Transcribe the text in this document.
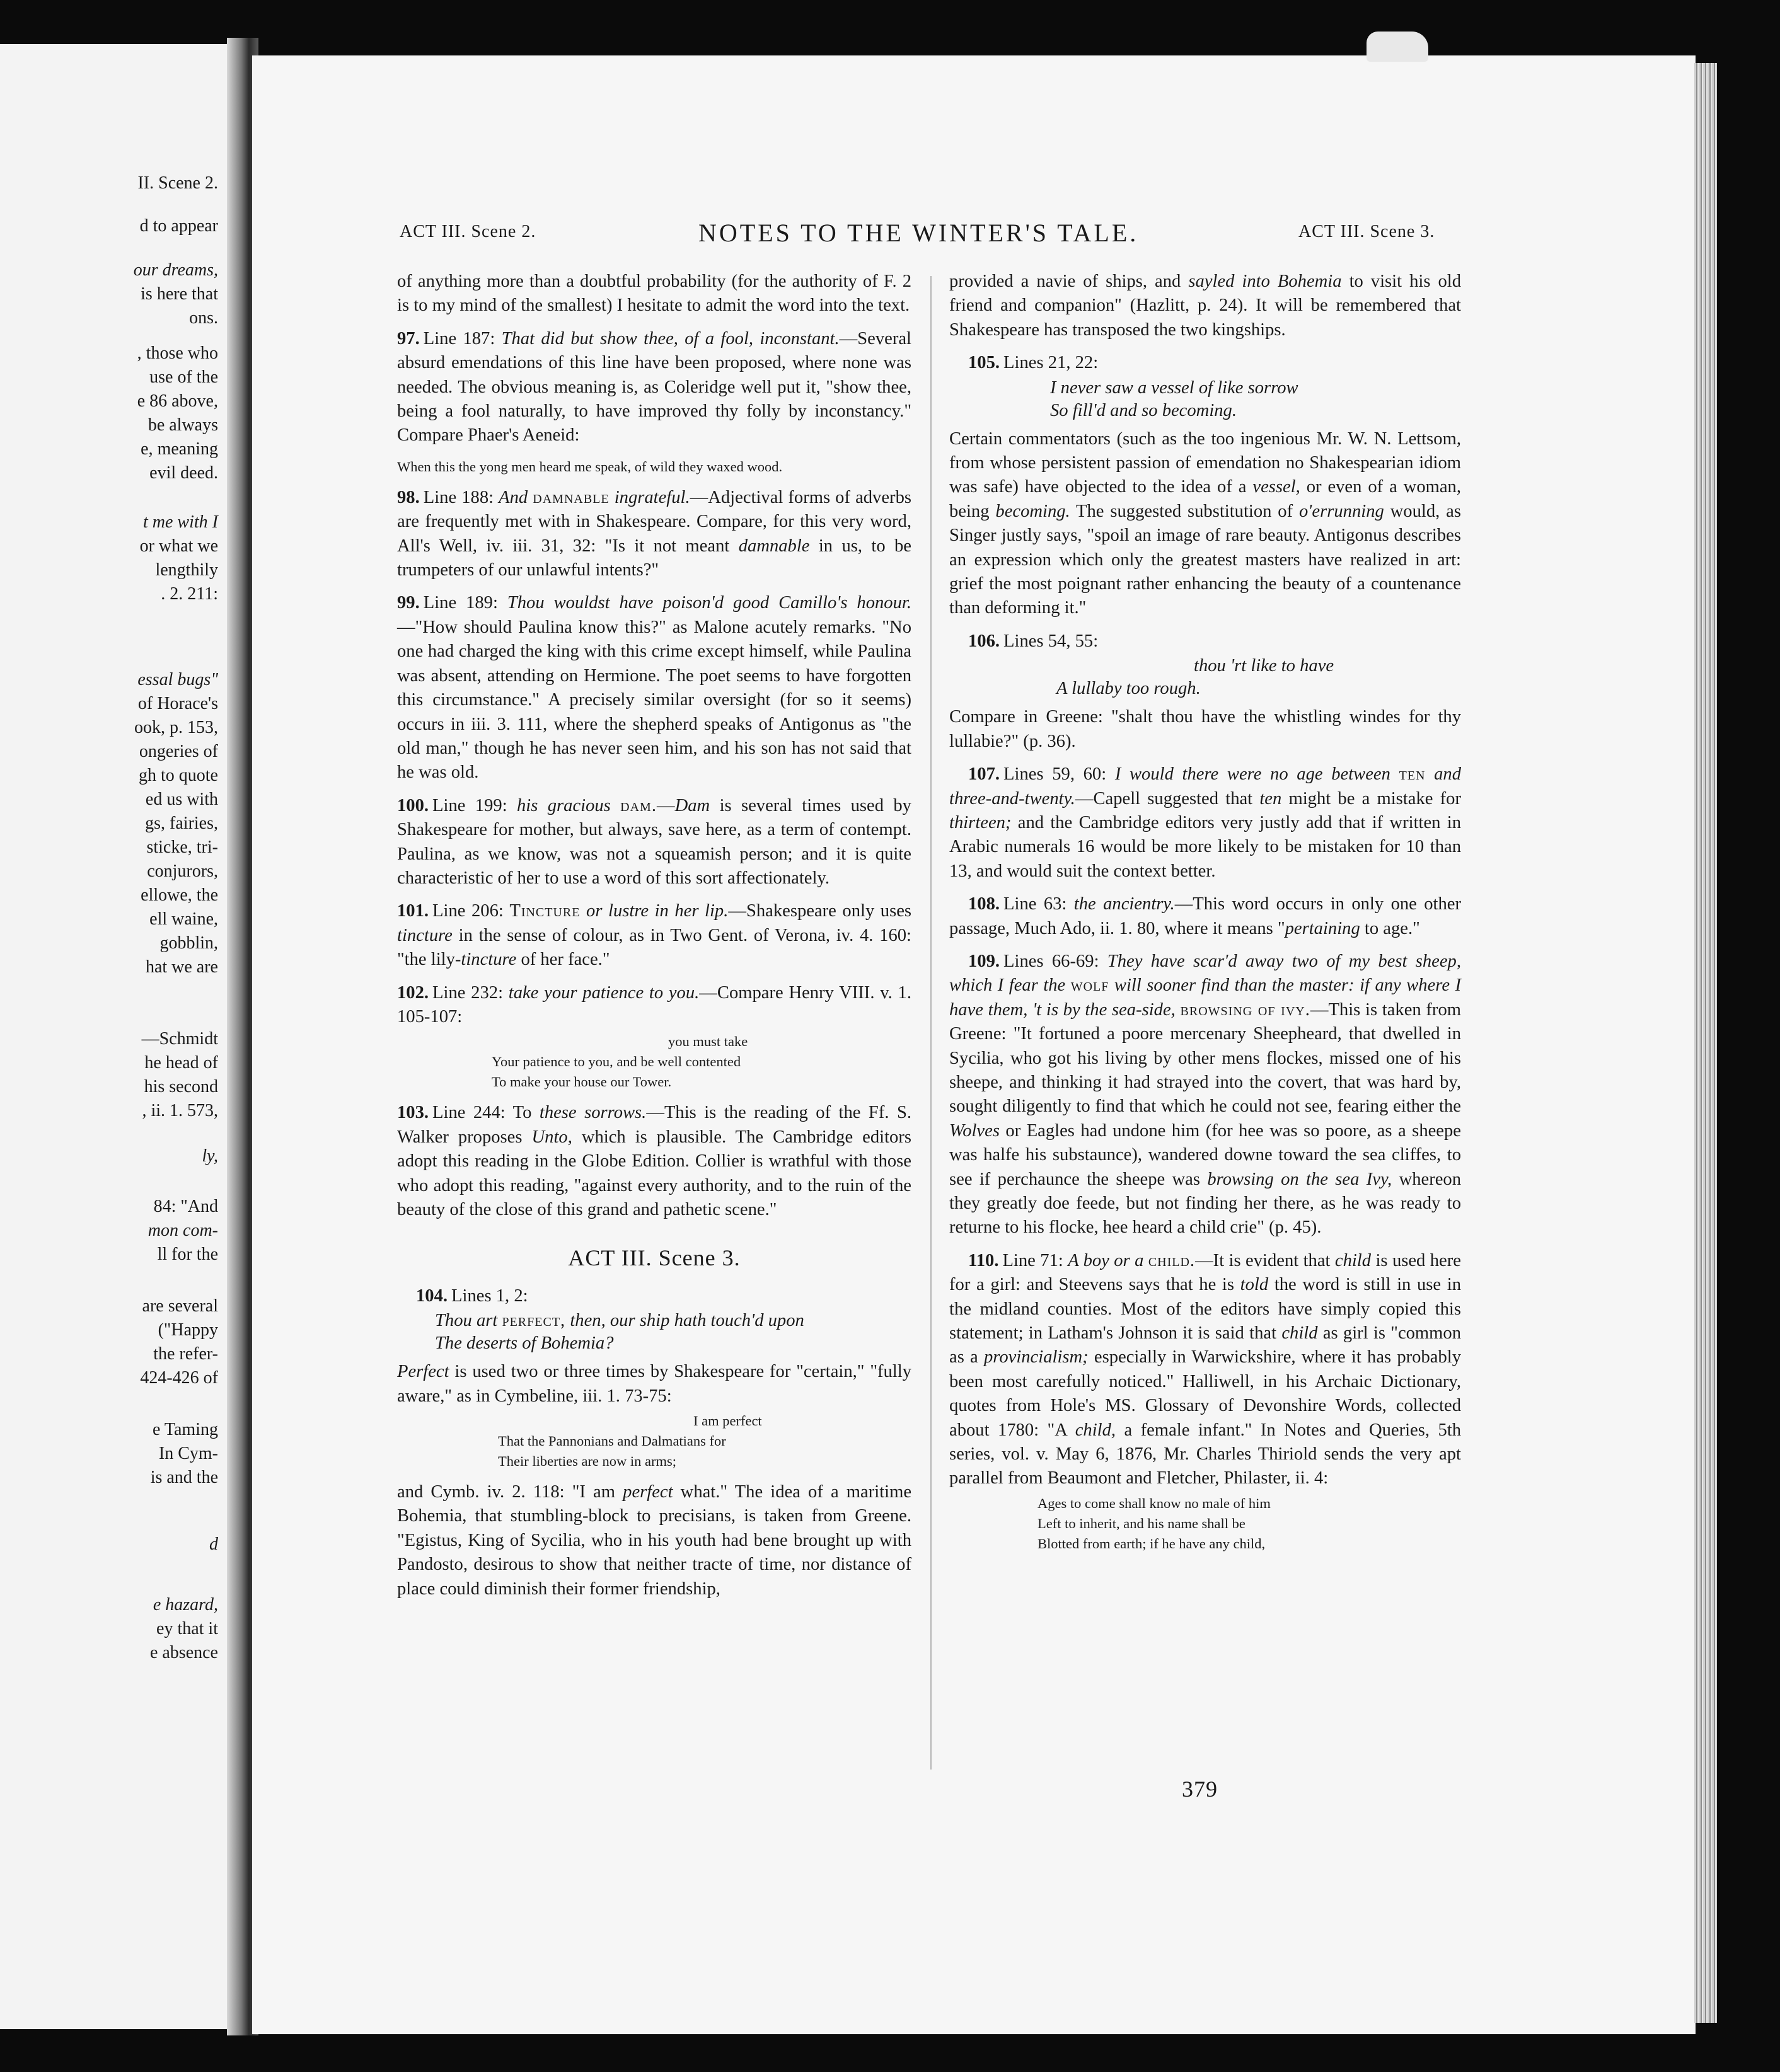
II. Scene 2.
d to appear
our dreams,
is here that
ons.
, those who
use of the
e 86 above,
be always
e, meaning
evil deed.
t me with I
or what we
lengthily
. 2. 211:
essal bugs"
of Horace's
ook, p. 153,
ongeries of
gh to quote
ed us with
gs, fairies,
sticke, tri-
conjurors,
ellowe, the
ell waine,
gobblin,
hat we are
—Schmidt
he head of
his second
, ii. 1. 573,
ly,
84: "And
mon com-
ll for the
are several
("Happy
the refer-
424-426 of
e Taming
In Cym-
is and the
d
e hazard,
ey that it
e absence
ACT III. Scene 2.	NOTES TO THE WINTER'S TALE.	ACT III. Scene 3.

of anything more than a doubtful probability (for the authority of F. 2 is to my mind of the smallest) I hesitate to admit the word into the text.

97. Line 187: That did but show thee, of a fool, inconstant.—Several absurd emendations of this line have been proposed, where none was needed. The obvious meaning is, as Coleridge well put it, "show thee, being a fool naturally, to have improved thy folly by inconstancy." Compare Phaer's Aeneid:

When this the yong men heard me speak, of wild they waxed wood.

98. Line 188: And damnable ingrateful.—Adjectival forms of adverbs are frequently met with in Shakespeare. Compare, for this very word, All's Well, iv. iii. 31, 32: "Is it not meant damnable in us, to be trumpeters of our unlawful intents?"

99. Line 189: Thou wouldst have poison'd good Camillo's honour.—"How should Paulina know this?" as Malone acutely remarks. "No one had charged the king with this crime except himself, while Paulina was absent, attending on Hermione. The poet seems to have forgotten this circumstance." A precisely similar oversight (for so it seems) occurs in iii. 3. 111, where the shepherd speaks of Antigonus as "the old man," though he has never seen him, and his son has not said that he was old.

100. Line 199: his gracious dam.—Dam is several times used by Shakespeare for mother, but always, save here, as a term of contempt. Paulina, as we know, was not a squeamish person; and it is quite characteristic of her to use a word of this sort affectionately.

101. Line 206: Tincture or lustre in her lip.—Shakespeare only uses tincture in the sense of colour, as in Two Gent. of Verona, iv. 4. 160: "the lily-tincture of her face."

102. Line 232: take your patience to you.—Compare Henry VIII. v. 1. 105-107:

you must take
Your patience to you, and be well contented
To make your house our Tower.

103. Line 244: To these sorrows.—This is the reading of the Ff. S. Walker proposes Unto, which is plausible. The Cambridge editors adopt this reading in the Globe Edition. Collier is wrathful with those who adopt this reading, "against every authority, and to the ruin of the beauty of the close of this grand and pathetic scene."

ACT III. Scene 3.

104. Lines 1, 2:

Thou art perfect, then, our ship hath touch'd upon
The deserts of Bohemia?

Perfect is used two or three times by Shakespeare for "certain," "fully aware," as in Cymbeline, iii. 1. 73-75:

I am perfect
That the Pannonians and Dalmatians for
Their liberties are now in arms;

and Cymb. iv. 2. 118: "I am perfect what." The idea of a maritime Bohemia, that stumbling-block to precisians, is taken from Greene. "Egistus, King of Sycilia, who in his youth had bene brought up with Pandosto, desirous to show that neither tracte of time, nor distance of place could diminish their former friendship,

provided a navie of ships, and sayled into Bohemia to visit his old friend and companion" (Hazlitt, p. 24). It will be remembered that Shakespeare has transposed the two kingships.

105. Lines 21, 22:

I never saw a vessel of like sorrow
So fill'd and so becoming.

Certain commentators (such as the too ingenious Mr. W. N. Lettsom, from whose persistent passion of emendation no Shakespearian idiom was safe) have objected to the idea of a vessel, or even of a woman, being becoming. The suggested substitution of o'errunning would, as Singer justly says, "spoil an image of rare beauty. Antigonus describes an expression which only the greatest masters have realized in art: grief the most poignant rather enhancing the beauty of a countenance than deforming it."

106. Lines 54, 55:

thou 'rt like to have
A lullaby too rough.

Compare in Greene: "shalt thou have the whistling windes for thy lullabie?" (p. 36).

107. Lines 59, 60: I would there were no age between ten and three-and-twenty.—Capell suggested that ten might be a mistake for thirteen; and the Cambridge editors very justly add that if written in Arabic numerals 16 would be more likely to be mistaken for 10 than 13, and would suit the context better.

108. Line 63: the ancientry.—This word occurs in only one other passage, Much Ado, ii. 1. 80, where it means "pertaining to age."

109. Lines 66-69: They have scar'd away two of my best sheep, which I fear the wolf will sooner find than the master: if any where I have them, 't is by the sea-side, browsing of ivy.—This is taken from Greene: "It fortuned a poore mercenary Sheepheard, that dwelled in Sycilia, who got his living by other mens flockes, missed one of his sheepe, and thinking it had strayed into the covert, that was hard by, sought diligently to find that which he could not see, fearing either the Wolves or Eagles had undone him (for hee was so poore, as a sheepe was halfe his substaunce), wandered downe toward the sea cliffes, to see if perchaunce the sheepe was browsing on the sea Ivy, whereon they greatly doe feede, but not finding her there, as he was ready to returne to his flocke, hee heard a child crie" (p. 45).

110. Line 71: A boy or a child.—It is evident that child is used here for a girl: and Steevens says that he is told the word is still in use in the midland counties. Most of the editors have simply copied this statement; in Latham's Johnson it is said that child as girl is "common as a provincialism; especially in Warwickshire, where it has probably been most carefully noticed." Halliwell, in his Archaic Dictionary, quotes from Hole's MS. Glossary of Devonshire Words, collected about 1780: "A child, a female infant." In Notes and Queries, 5th series, vol. v. May 6, 1876, Mr. Charles Thiriold sends the very apt parallel from Beaumont and Fletcher, Philaster, ii. 4:

Ages to come shall know no male of him
Left to inherit, and his name shall be
Blotted from earth; if he have any child,
379
